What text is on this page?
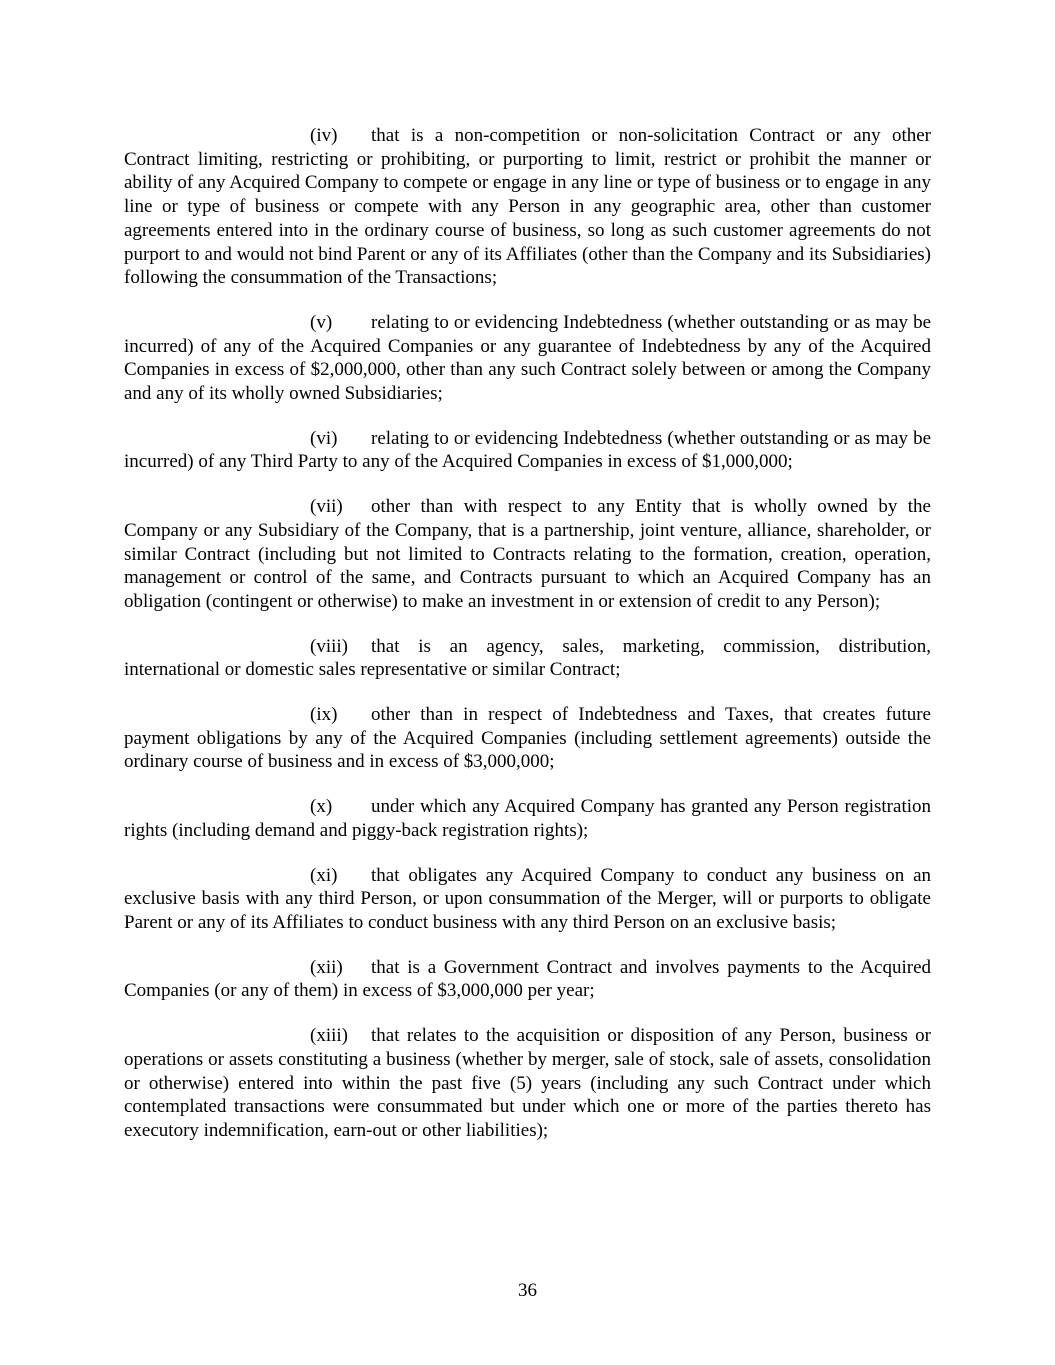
(iv) that is a non-competition or non-solicitation Contract or any other Contract limiting, restricting or prohibiting, or purporting to limit, restrict or prohibit the manner or ability of any Acquired Company to compete or engage in any line or type of business or to engage in any line or type of business or compete with any Person in any geographic area, other than customer agreements entered into in the ordinary course of business, so long as such customer agreements do not purport to and would not bind Parent or any of its Affiliates (other than the Company and its Subsidiaries) following the consummation of the Transactions;

(v) relating to or evidencing Indebtedness (whether outstanding or as may be incurred) of any of the Acquired Companies or any guarantee of Indebtedness by any of the Acquired Companies in excess of $2,000,000, other than any such Contract solely between or among the Company and any of its wholly owned Subsidiaries;

(vi) relating to or evidencing Indebtedness (whether outstanding or as may be incurred) of any Third Party to any of the Acquired Companies in excess of $1,000,000;

(vii) other than with respect to any Entity that is wholly owned by the Company or any Subsidiary of the Company, that is a partnership, joint venture, alliance, shareholder, or similar Contract (including but not limited to Contracts relating to the formation, creation, operation, management or control of the same, and Contracts pursuant to which an Acquired Company has an obligation (contingent or otherwise) to make an investment in or extension of credit to any Person);

(viii) that is an agency, sales, marketing, commission, distribution, international or domestic sales representative or similar Contract;

(ix) other than in respect of Indebtedness and Taxes, that creates future payment obligations by any of the Acquired Companies (including settlement agreements) outside the ordinary course of business and in excess of $3,000,000;

(x) under which any Acquired Company has granted any Person registration rights (including demand and piggy-back registration rights);

(xi) that obligates any Acquired Company to conduct any business on an exclusive basis with any third Person, or upon consummation of the Merger, will or purports to obligate Parent or any of its Affiliates to conduct business with any third Person on an exclusive basis;

(xii) that is a Government Contract and involves payments to the Acquired Companies (or any of them) in excess of $3,000,000 per year;

(xiii) that relates to the acquisition or disposition of any Person, business or operations or assets constituting a business (whether by merger, sale of stock, sale of assets, consolidation or otherwise) entered into within the past five (5) years (including any such Contract under which contemplated transactions were consummated but under which one or more of the parties thereto has executory indemnification, earn-out or other liabilities);

36
